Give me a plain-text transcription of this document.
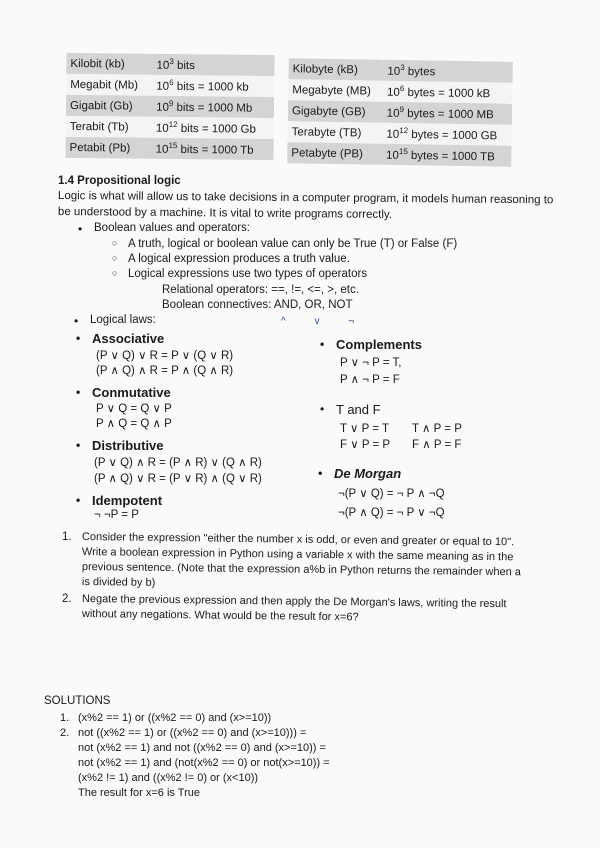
Kilobit (kb)	$10^3$ bits
Megabit (Mb)	$10^6$ bits = 1000 kb
Gigabit (Gb)	$10^9$ bits = 1000 Mb
Terabit (Tb)	$10^{12}$ bits = 1000 Gb
Petabit (Pb)	$10^{15}$ bits = 1000 Tb
Kilobyte (kB)	$10^3$ bytes
Megabyte (MB)	$10^6$ bytes = 1000 kB
Gigabyte (GB)	$10^9$ bytes = 1000 MB
Terabyte (TB)	$10^{12}$ bytes = 1000 GB
Petabyte (PB)	$10^{15}$ bytes = 1000 TB
1.4 Propositional logic
Logic is what will allow us to take decisions in a computer program, it models human reasoning to
be understood by a machine. It is vital to write programs correctly.
• Boolean values and operators:
○ A truth, logical or boolean value can only be True (T) or False (F)
○ A logical expression produces a truth value.
○ Logical expressions use two types of operators
Relational operators: ==, !=, <=, >, etc.
Boolean connectives: AND, OR, NOT
^ v ¬
• Logical laws:
• Associative
(P ∨ Q) ∨ R = P ∨ (Q ∨ R)
(P ∧ Q) ∧ R = P ∧ (Q ∧ R)
• Conmutative
P ∨ Q = Q ∨ P
P ∧ Q = Q ∧ P
• Distributive
(P ∨ Q) ∧ R = (P ∧ R) ∨ (Q ∧ R)
(P ∧ Q) ∨ R = (P ∨ R) ∧ (Q ∨ R)
• Idempotent
¬ ¬P = P
• Complements
P ∨ ¬ P = T,
P ∧ ¬ P = F
• T and F
T ∨ P = T T ∧ P = P
F ∨ P = P F ∧ P = F
• De Morgan
¬(P ∨ Q) = ¬ P ∧ ¬Q
¬(P ∧ Q) = ¬ P ∨ ¬Q
1. Consider the expression "either the number x is odd, or even and greater or equal to 10".
Write a boolean expression in Python using a variable x with the same meaning as in the
previous sentence. (Note that the expression a%b in Python returns the remainder when a
is divided by b)
2. Negate the previous expression and then apply the De Morgan's laws, writing the result
without any negations. What would be the result for x=6?
SOLUTIONS
1. (x%2 == 1) or ((x%2 == 0) and (x>=10))
2. not ((x%2 == 1) or ((x%2 == 0) and (x>=10))) =
not (x%2 == 1) and not ((x%2 == 0) and (x>=10)) =
not (x%2 == 1) and (not(x%2 == 0) or not(x>=10)) =
(x%2 != 1) and ((x%2 != 0) or (x<10))
The result for x=6 is True
